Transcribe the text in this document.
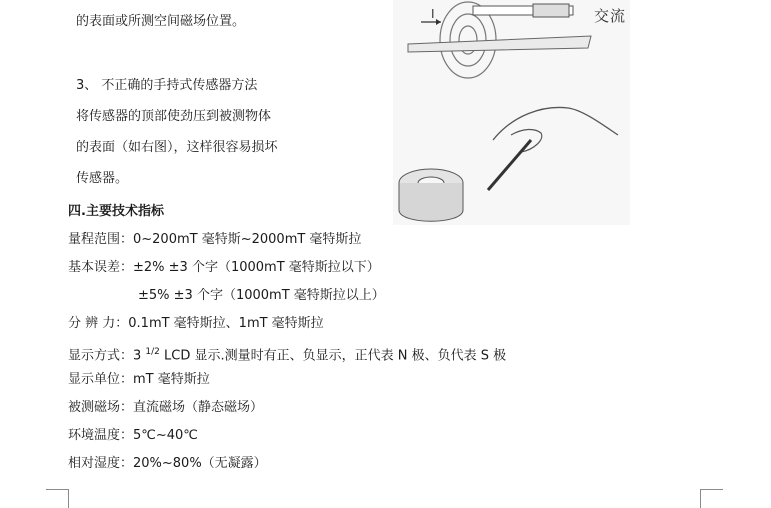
的表面或所测空间磁场位置。
3、 不正确的手持式传感器方法
将传感器的顶部使劲压到被测物体
的表面（如右图），这样很容易损坏
传感器。
四.主要技术指标
量程范围：0~200mT 毫特斯~2000mT 毫特斯拉
基本误差：±2% ±3 个字（1000mT 毫特斯拉以下）
±5% ±3 个字（1000mT 毫特斯拉以上）
分 辨 力：0.1mT 毫特斯拉、1mT 毫特斯拉
显示方式：3 $^{1/2}$ LCD 显示.测量时有正、负显示，正代表 N 极、负代表 S 极
显示单位：mT 毫特斯拉
被测磁场：直流磁场（静态磁场）
环境温度：5℃~40℃
相对湿度：20%~80%（无凝露）
I	交流
